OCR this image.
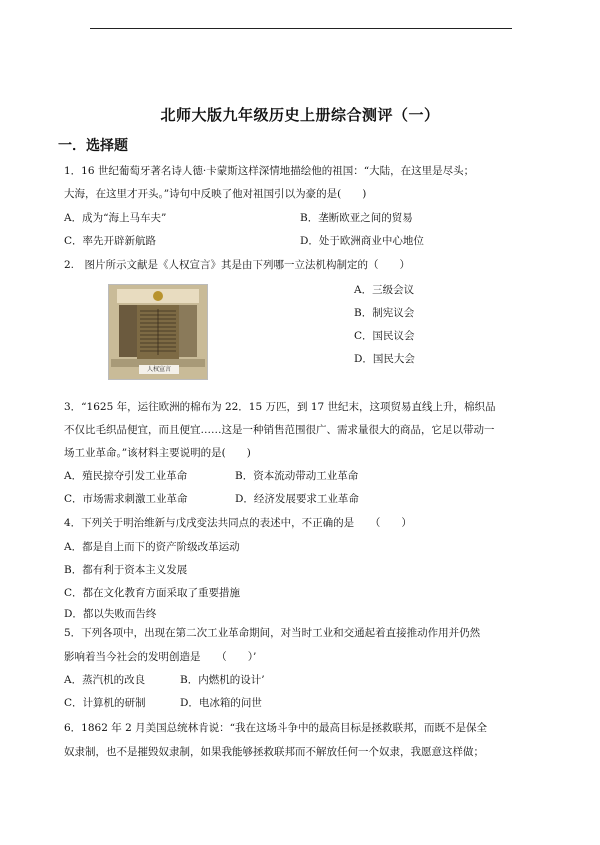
北师大版九年级历史上册综合测评（一）
一．选择题
1．16 世纪葡萄牙著名诗人德·卡蒙斯这样深情地描绘他的祖国：“大陆，在这里是尽头；
大海，在这里才开头。”诗句中反映了他对祖国引以为豪的是(　　)
A．成为“海上马车夫”	B．垄断欧亚之间的贸易
C．率先开辟新航路	D．处于欧洲商业中心地位
2.　图片所示文献是《人权宣言》其是由下列哪一立法机构制定的（　　）
人权宣言
A．三级会议
B．制宪议会
C．国民议会
D．国民大会
3．“1625 年，运往欧洲的棉布为 22．15 万匹，到 17 世纪末，这项贸易直线上升，棉织品
不仅比毛织品便宜，而且便宜……这是一种销售范围很广、需求量很大的商品，它足以带动一
场工业革命。”该材料主要说明的是(　　)
A．殖民掠夺引发工业革命	B．资本流动带动工业革命
C．市场需求刺激工业革命	D．经济发展要求工业革命
4．下列关于明治维新与戊戌变法共同点的表述中，不正确的是　　（　　）
A．都是自上而下的资产阶级改革运动
B．都有利于资本主义发展
C．都在文化教育方面采取了重要措施
D．都以失败而告终
5．下列各项中，出现在第二次工业革命期间，对当时工业和交通起着直接推动作用并仍然
影响着当今社会的发明创造是　　（　　）’
A．蒸汽机的改良	B．内燃机的设计’
C．计算机的研制	D．电冰箱的问世
6．1862 年 2 月美国总统林肯说：“我在这场斗争中的最高目标是拯救联邦，而既不是保全
奴隶制，也不是摧毁奴隶制，如果我能够拯救联邦而不解放任何一个奴隶，我愿意这样做；
